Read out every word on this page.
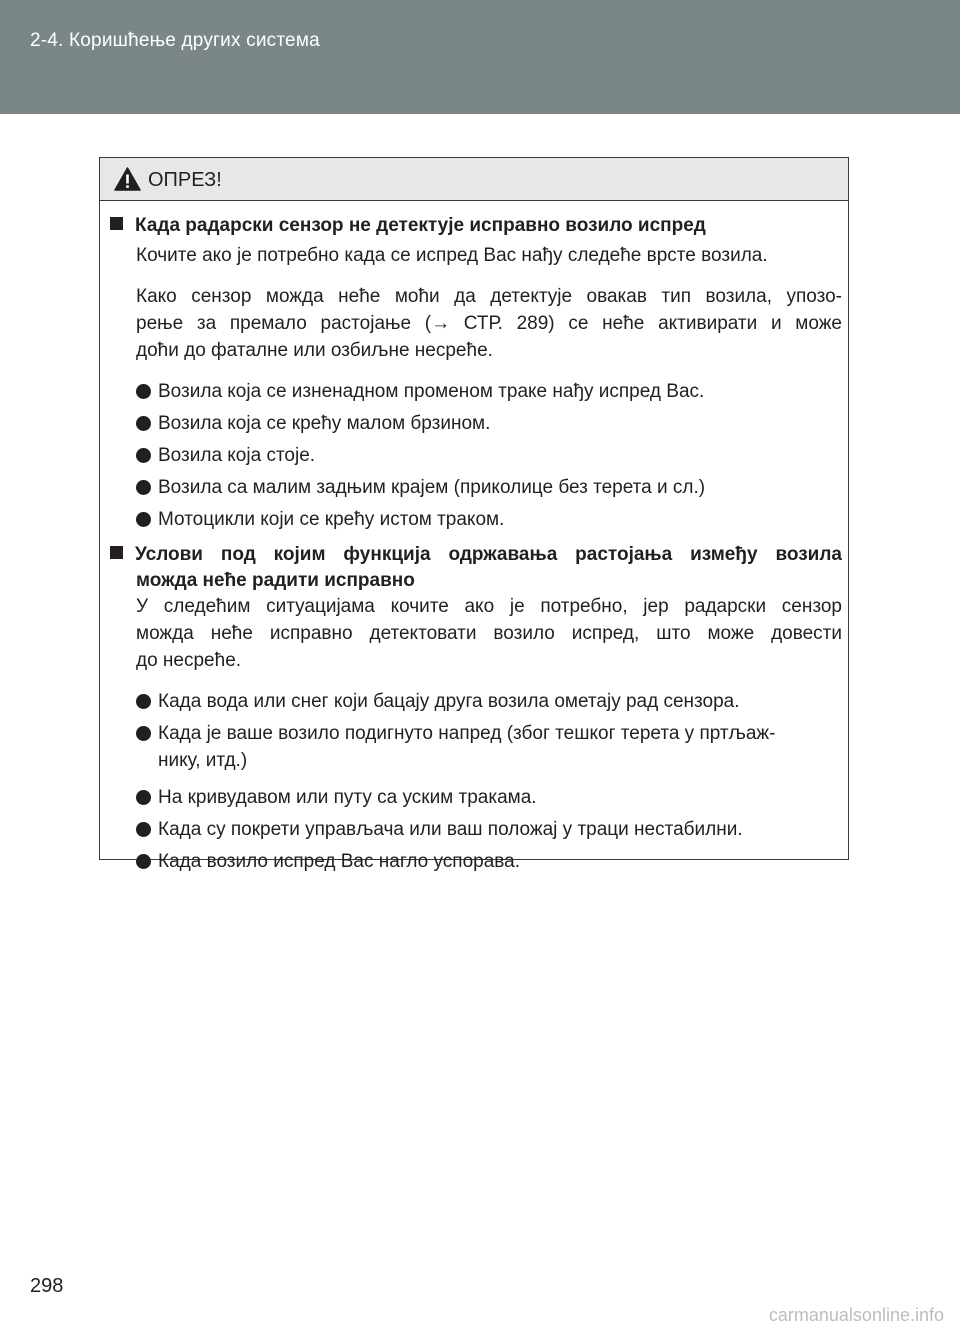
2-4. Коришћење других система
ОПРЕЗ!
Када радарски сензор не детектује исправно возило испред
Кочите ако је потребно када се испред Вас нађу следеће врсте возила.
Како сензор можда неће моћи да детектује овакав тип возила, упозо-
рење за премало растојање (→ СТР. 289) се неће активирати и може
доћи до фаталне или озбиљне несреће.
Возила која се изненадном променом траке нађу испред Вас.
Возила која се крећу малом брзином.
Возила која стоје.
Возила са малим задњим крајем (приколице без терета и сл.)
Мотоцикли који се крећу истом траком.
Услови под којим функција одржавања растојања између возила
можда неће радити исправно
У следећим ситуацијама кочите ако је потребно, јер радарски сензор
можда неће исправно детектовати возило испред, што може довести
до несреће.
Када вода или снег који бацају друга возила ометају рад сензора.
Када је ваше возило подигнуто напред (због тешког терета у пртљаж-
нику, итд.)
На кривудавом или путу са уским тракама.
Када су покрети управљача или ваш положај у траци нестабилни.
Када возило испред Вас нагло успорава.
298
carmanualsonline.info
